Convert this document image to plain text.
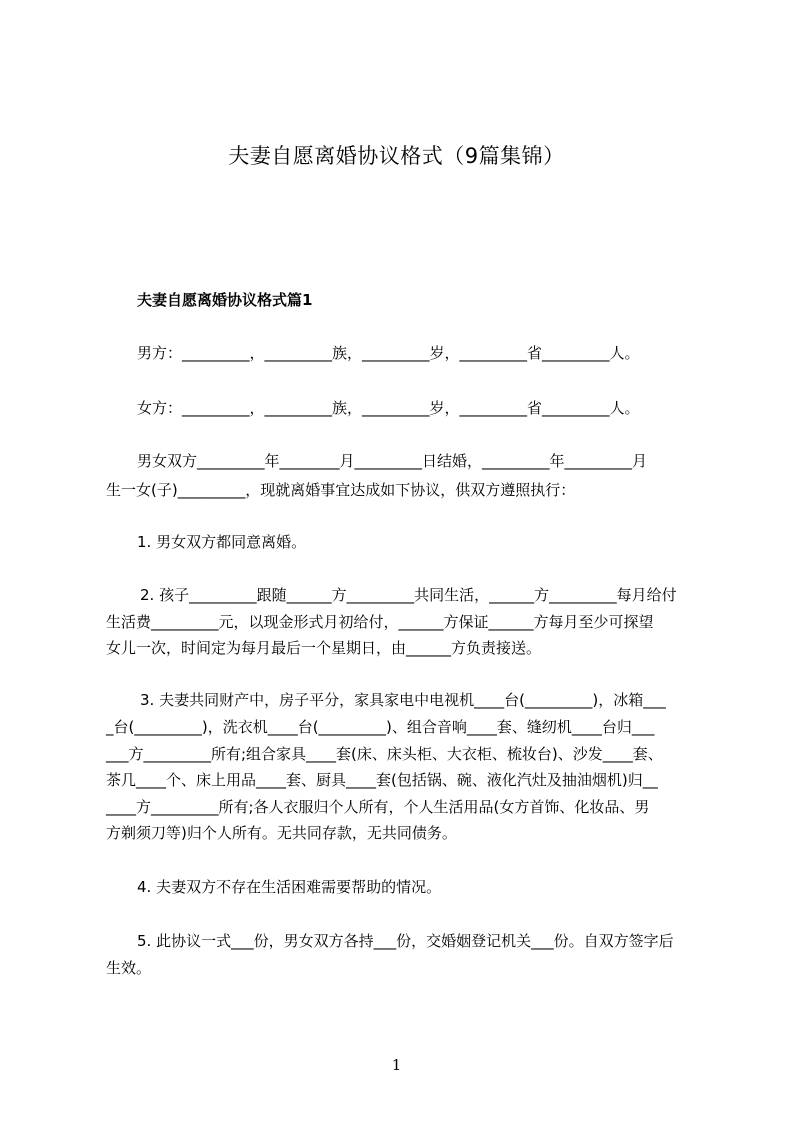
夫妻自愿离婚协议格式（9篇集锦）
夫妻自愿离婚协议格式篇1
男方：_________，_________族，_________岁，_________省_________人。
女方：_________，_________族，_________岁，_________省_________人。
男女双方_________年________月_________日结婚，_________年_________月
生一女(子)_________，现就离婚事宜达成如下协议，供双方遵照执行：
1. 男女双方都同意离婚。
2. 孩子_________跟随______方_________共同生活，______方_________每月给付
生活费_________元，以现金形式月初给付，______方保证______方每月至少可探望
女儿一次，时间定为每月最后一个星期日，由______方负责接送。
3. 夫妻共同财产中，房子平分，家具家电中电视机____台(_________)，冰箱___
_台(_________)，洗衣机____台(_________)、组合音响____套、缝纫机____台归___
___方_________所有;组合家具____套(床、床头柜、大衣柜、梳妆台)、沙发____套、
茶几____个、床上用品____套、厨具____套(包括锅、碗、液化汽灶及抽油烟机)归__
____方_________所有;各人衣服归个人所有，个人生活用品(女方首饰、化妆品、男
方剃须刀等)归个人所有。无共同存款，无共同债务。
4. 夫妻双方不存在生活困难需要帮助的情况。
5. 此协议一式___份，男女双方各持___份，交婚姻登记机关___份。自双方签字后
生效。
1
